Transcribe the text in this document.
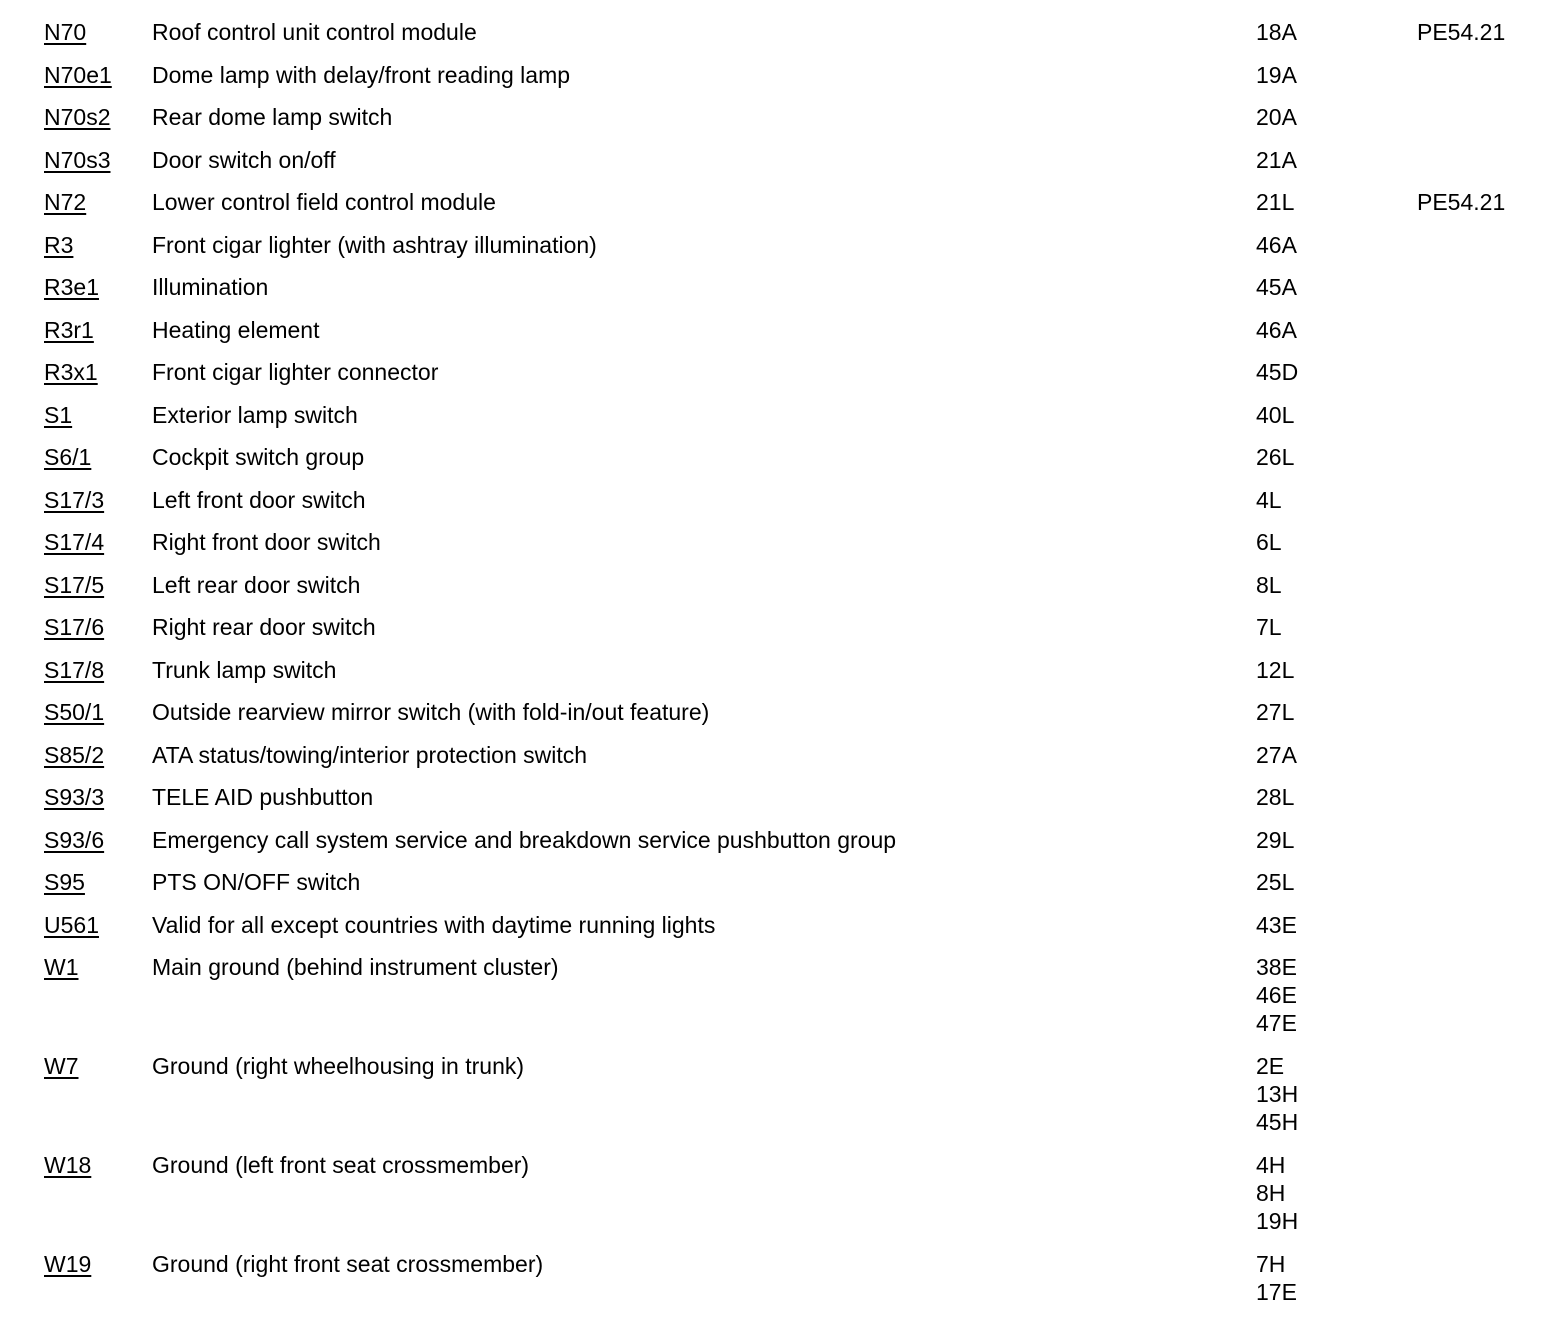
N70	Roof control unit control module	18A	PE54.21
N70e1 Dome lamp with delay/front reading lamp	19A
N70s2 Rear dome lamp switch	20A
N70s3 Door switch on/off	21A
N72	Lower control field control module	21L	PE54.21
R3	Front cigar lighter (with ashtray illumination)	46A
R3e1 Illumination	45A
R3r1	Heating element	46A
R3x1 Front cigar lighter connector	45D
S1	Exterior lamp switch	40L
S6/1	Cockpit switch group	26L
S17/3 Left front door switch	4L
S17/4 Right front door switch	6L
S17/5 Left rear door switch	8L
S17/6 Right rear door switch	7L
S17/8 Trunk lamp switch	12L
S50/1 Outside rearview mirror switch (with fold-in/out feature)	27L
S85/2 ATA status/towing/interior protection switch	27A
S93/3 TELE AID pushbutton	28L
S93/6 Emergency call system service and breakdown service pushbutton group	29L
S95	PTS ON/OFF switch	25L
U561 Valid for all except countries with daytime running lights	43E
W1	Main ground (behind instrument cluster)	38E
46E
47E
W7	Ground (right wheelhousing in trunk)	2E
13H
45H
W18	Ground (left front seat crossmember)	4H
8H
19H
W19	Ground (right front seat crossmember)	7H
17E
